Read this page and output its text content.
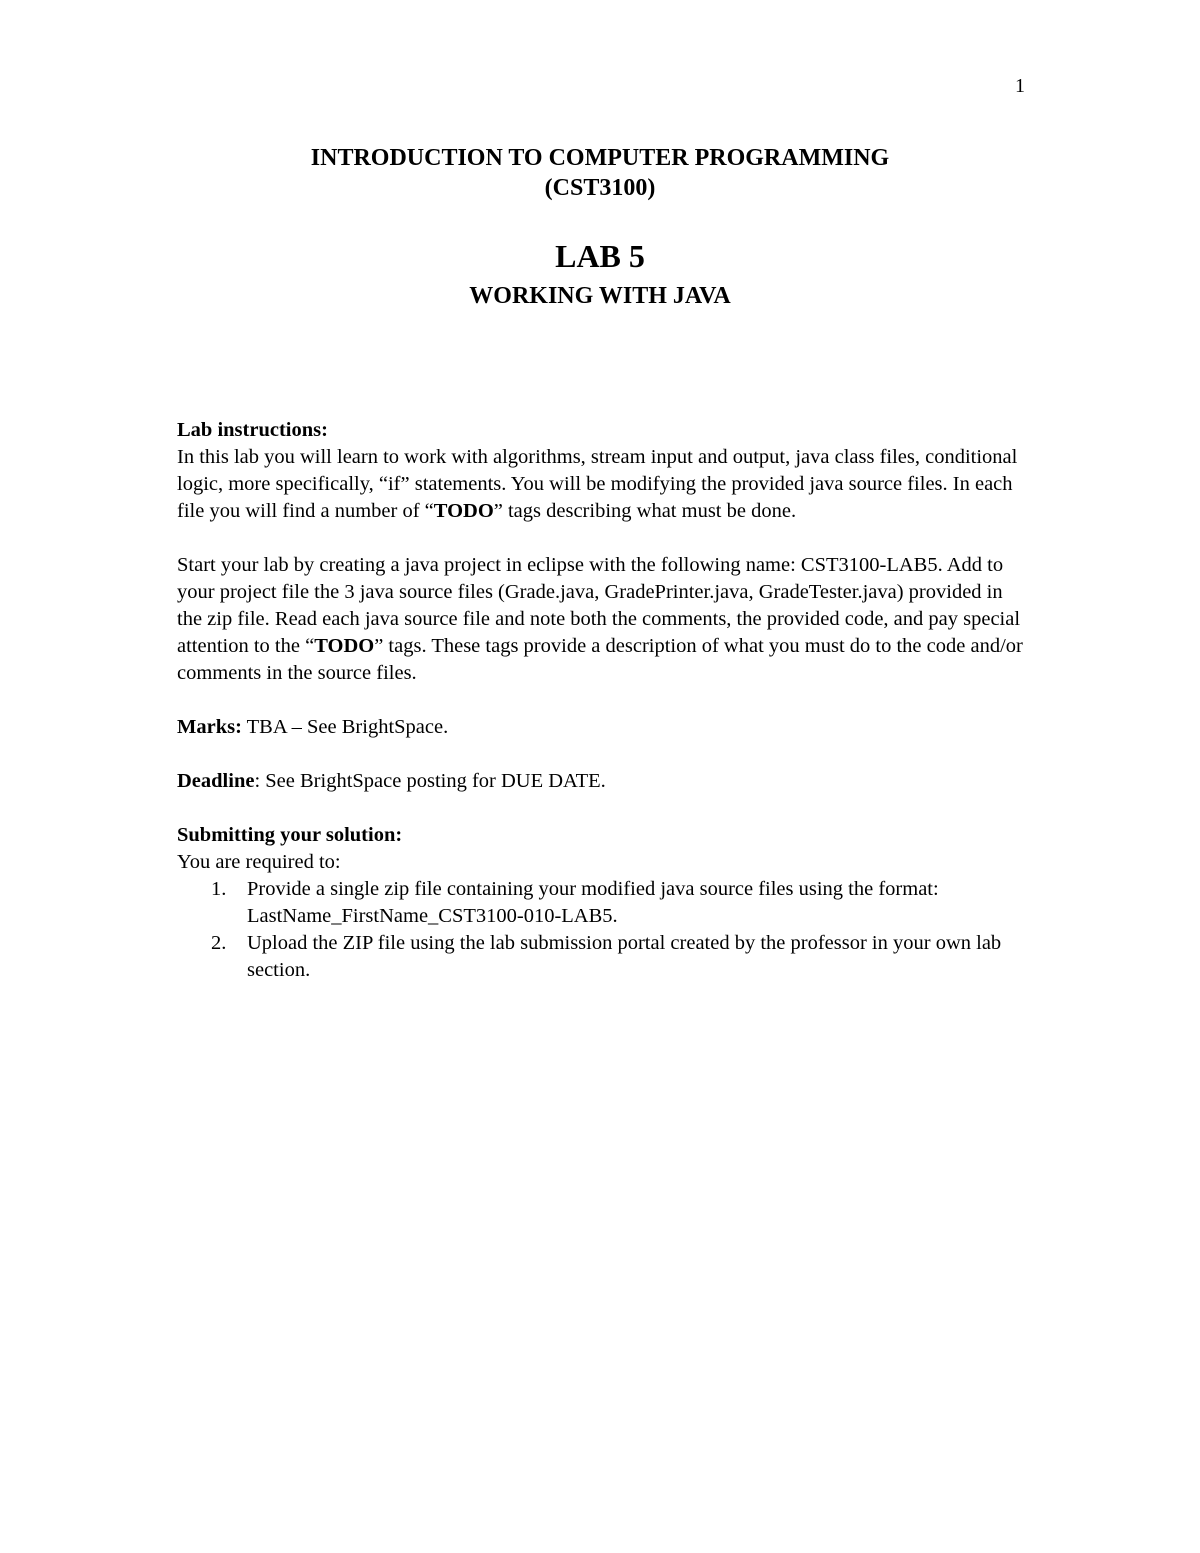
1
INTRODUCTION TO COMPUTER PROGRAMMING
(CST3100)
LAB 5
WORKING WITH JAVA

Lab instructions:

In this lab you will learn to work with algorithms, stream input and output, java class files, conditional logic, more specifically, “if” statements. You will be modifying the provided java source files. In each file you will find a number of “TODO” tags describing what must be done.

Start your lab by creating a java project in eclipse with the following name: CST3100-LAB5. Add to your project file the 3 java source files (Grade.java, GradePrinter.java, GradeTester.java) provided in the zip file. Read each java source file and note both the comments, the provided code, and pay special attention to the “TODO” tags. These tags provide a description of what you must do to the code and/or comments in the source files.

Marks: TBA – See BrightSpace.

Deadline: See BrightSpace posting for DUE DATE.

Submitting your solution:

You are required to:

1. Provide a single zip file containing your modified java source files using the format: LastName_FirstName_CST3100-010-LAB5.
2. Upload the ZIP file using the lab submission portal created by the professor in your own lab section.
